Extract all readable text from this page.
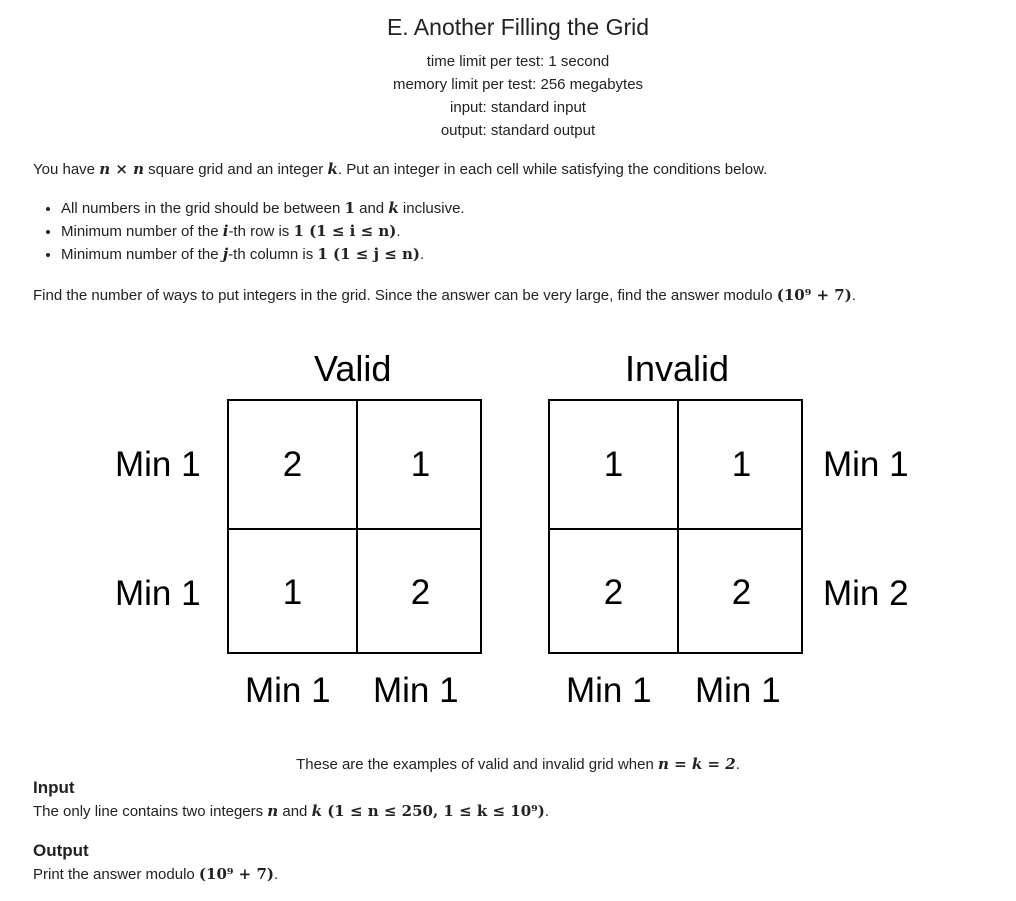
E. Another Filling the Grid
time limit per test: 1 second
memory limit per test: 256 megabytes
input: standard input
output: standard output
You have n × n square grid and an integer k. Put an integer in each cell while satisfying the conditions below.
• All numbers in the grid should be between 1 and k inclusive.
• Minimum number of the i-th row is 1 (1 ≤ i ≤ n).
• Minimum number of the j-th column is 1 (1 ≤ j ≤ n).
Find the number of ways to put integers in the grid. Since the answer can be very large, find the answer modulo (10⁹ + 7).
Valid
2	1
1	2
Min 1
Min 1
Min 1 Min 1
Invalid
1	1
2	2
Min 1
Min 2
Min 1 Min 1
These are the examples of valid and invalid grid when n = k = 2.
Input
The only line contains two integers n and k (1 ≤ n ≤ 250, 1 ≤ k ≤ 10⁹).
Output
Print the answer modulo (10⁹ + 7).
